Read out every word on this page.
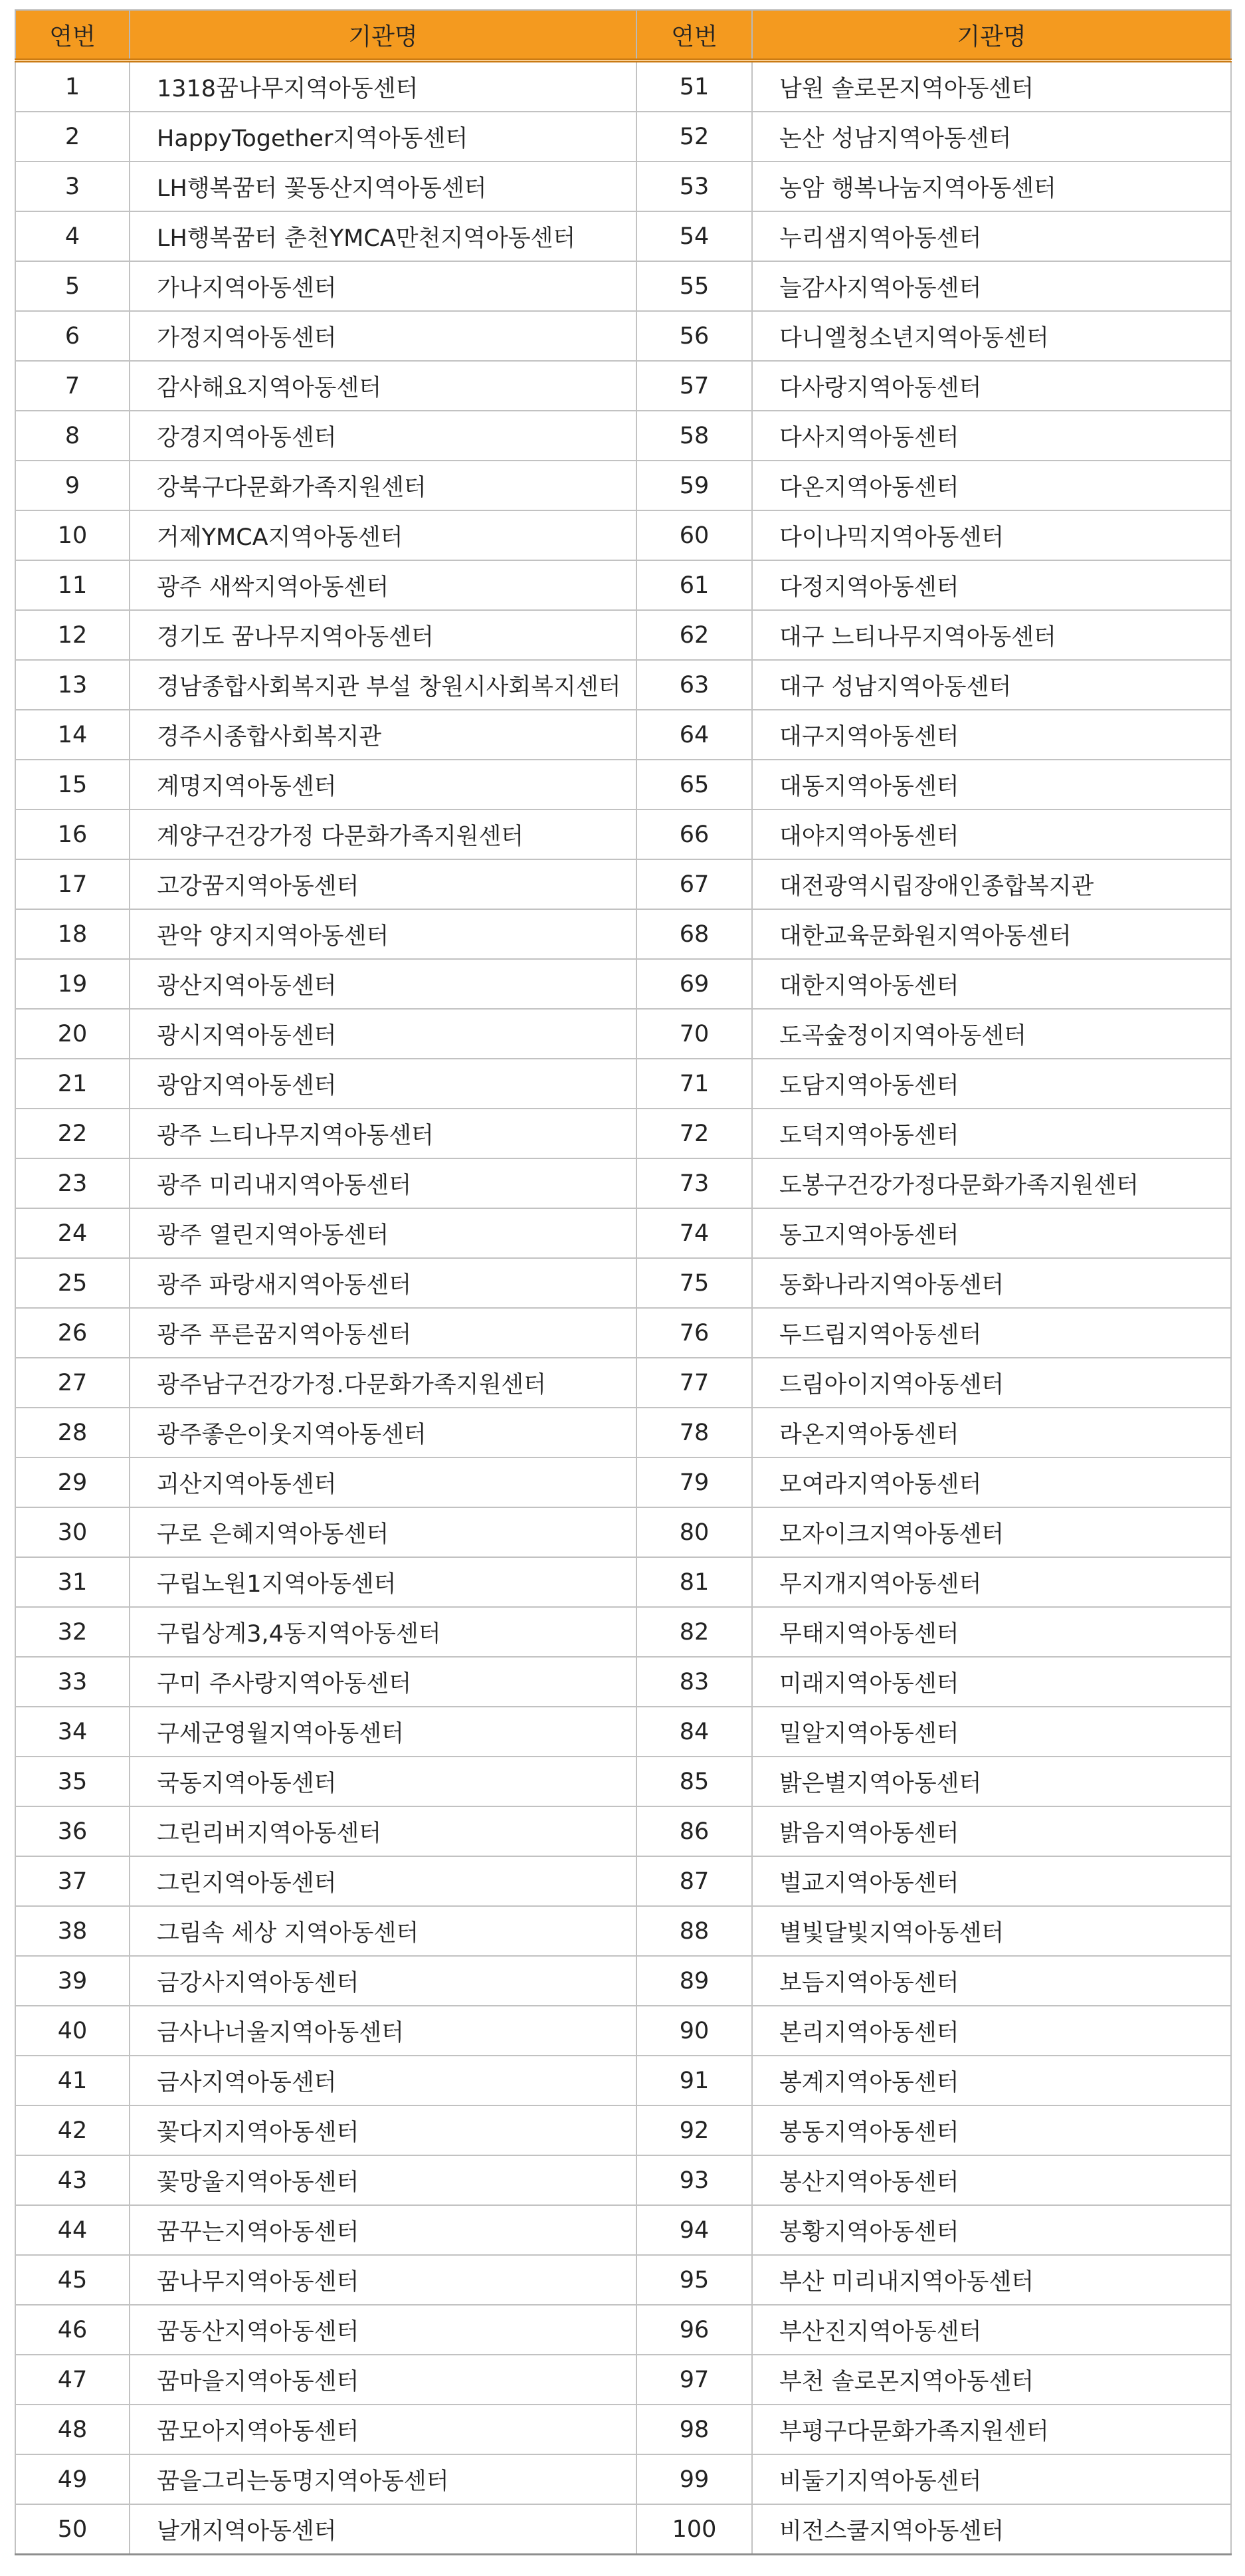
연번	기관명	연번	기관명
1	1318꿈나무지역아동센터	51	남원 솔로몬지역아동센터
2	HappyTogether지역아동센터	52	논산 성남지역아동센터
3	LH행복꿈터 꽃동산지역아동센터	53	농암 행복나눔지역아동센터
4	LH행복꿈터 춘천YMCA만천지역아동센터	54	누리샘지역아동센터
5	가나지역아동센터	55	늘감사지역아동센터
6	가정지역아동센터	56	다니엘청소년지역아동센터
7	감사해요지역아동센터	57	다사랑지역아동센터
8	강경지역아동센터	58	다사지역아동센터
9	강북구다문화가족지원센터	59	다온지역아동센터
10	거제YMCA지역아동센터	60	다이나믹지역아동센터
11	광주 새싹지역아동센터	61	다정지역아동센터
12	경기도 꿈나무지역아동센터	62	대구 느티나무지역아동센터
13	경남종합사회복지관 부설 창원시사회복지센터	63	대구 성남지역아동센터
14	경주시종합사회복지관	64	대구지역아동센터
15	계명지역아동센터	65	대동지역아동센터
16	계양구건강가정 다문화가족지원센터	66	대야지역아동센터
17	고강꿈지역아동센터	67	대전광역시립장애인종합복지관
18	관악 양지지역아동센터	68	대한교육문화원지역아동센터
19	광산지역아동센터	69	대한지역아동센터
20	광시지역아동센터	70	도곡숲정이지역아동센터
21	광암지역아동센터	71	도담지역아동센터
22	광주 느티나무지역아동센터	72	도덕지역아동센터
23	광주 미리내지역아동센터	73	도봉구건강가정다문화가족지원센터
24	광주 열린지역아동센터	74	동고지역아동센터
25	광주 파랑새지역아동센터	75	동화나라지역아동센터
26	광주 푸른꿈지역아동센터	76	두드림지역아동센터
27	광주남구건강가정.다문화가족지원센터	77	드림아이지역아동센터
28	광주좋은이웃지역아동센터	78	라온지역아동센터
29	괴산지역아동센터	79	모여라지역아동센터
30	구로 은혜지역아동센터	80	모자이크지역아동센터
31	구립노원1지역아동센터	81	무지개지역아동센터
32	구립상계3,4동지역아동센터	82	무태지역아동센터
33	구미 주사랑지역아동센터	83	미래지역아동센터
34	구세군영월지역아동센터	84	밀알지역아동센터
35	국동지역아동센터	85	밝은별지역아동센터
36	그린리버지역아동센터	86	밝음지역아동센터
37	그린지역아동센터	87	벌교지역아동센터
38	그림속 세상 지역아동센터	88	별빛달빛지역아동센터
39	금강사지역아동센터	89	보듬지역아동센터
40	금사나너울지역아동센터	90	본리지역아동센터
41	금사지역아동센터	91	봉계지역아동센터
42	꽃다지지역아동센터	92	봉동지역아동센터
43	꽃망울지역아동센터	93	봉산지역아동센터
44	꿈꾸는지역아동센터	94	봉황지역아동센터
45	꿈나무지역아동센터	95	부산 미리내지역아동센터
46	꿈동산지역아동센터	96	부산진지역아동센터
47	꿈마을지역아동센터	97	부천 솔로몬지역아동센터
48	꿈모아지역아동센터	98	부평구다문화가족지원센터
49	꿈을그리는동명지역아동센터	99	비둘기지역아동센터
50	날개지역아동센터	100	비전스쿨지역아동센터
